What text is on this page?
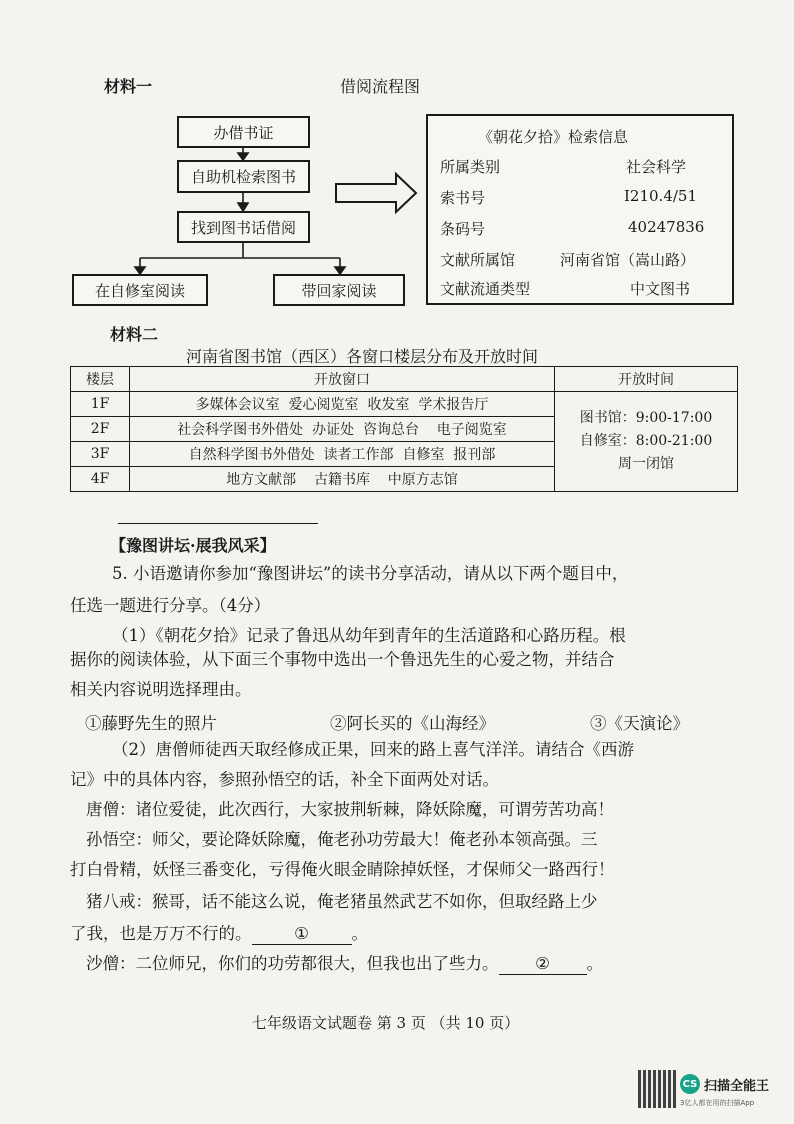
材料一	借阅流程图
办借书证
自助机检索图书
找到图书话借阅
在自修室阅读	带回家阅读
《朝花夕拾》检索信息
所属类别	社会科学
索书号	I210.4/51
条码号	40247836
文献所属馆	河南省馆（嵩山路）
文献流通类型	中文图书
材料二
河南省图书馆（西区）各窗口楼层分布及开放时间
楼层	开放窗口	开放时间
1F	多媒体会议室  爱心阅览室  收发室  学术报告厅	图书馆：9:00-17:00
自修室：8:00-21:00
周一闭馆

2F	社会科学图书外借处  办证处  咨询总台    电子阅览室	
3F	自然科学图书外借处  读者工作部  自修室  报刊部	
4F	地方文献部    古籍书库    中原方志馆	
【豫图讲坛·展我风采】
5. 小语邀请你参加“豫图讲坛”的读书分享活动，请从以下两个题目中，
任选一题进行分享。（4分）
（1）《朝花夕拾》记录了鲁迅从幼年到青年的生活道路和心路历程。根
据你的阅读体验，从下面三个事物中选出一个鲁迅先生的心爱之物，并结合
相关内容说明选择理由。
①藤野先生的照片	②阿长买的《山海经》	③《天演论》
（2）唐僧师徒西天取经修成正果，回来的路上喜气洋洋。请结合《西游
记》中的具体内容，参照孙悟空的话，补全下面两处对话。
唐僧：诸位爱徒，此次西行，大家披荆斩棘，降妖除魔，可谓劳苦功高！
孙悟空：师父，要论降妖除魔，俺老孙功劳最大！俺老孙本领高强。三
打白骨精，妖怪三番变化，亏得俺火眼金睛除掉妖怪，才保师父一路西行！
猪八戒：猴哥，话不能这么说，俺老猪虽然武艺不如你，但取经路上少
了我，也是万万不行的。	①	。
沙僧：二位师兄，你们的功劳都很大，但我也出了些力。 ② 。
七年级语文试题卷 第 3 页 （共 10 页）
CS 扫描全能王
3亿人都在用的扫描App
